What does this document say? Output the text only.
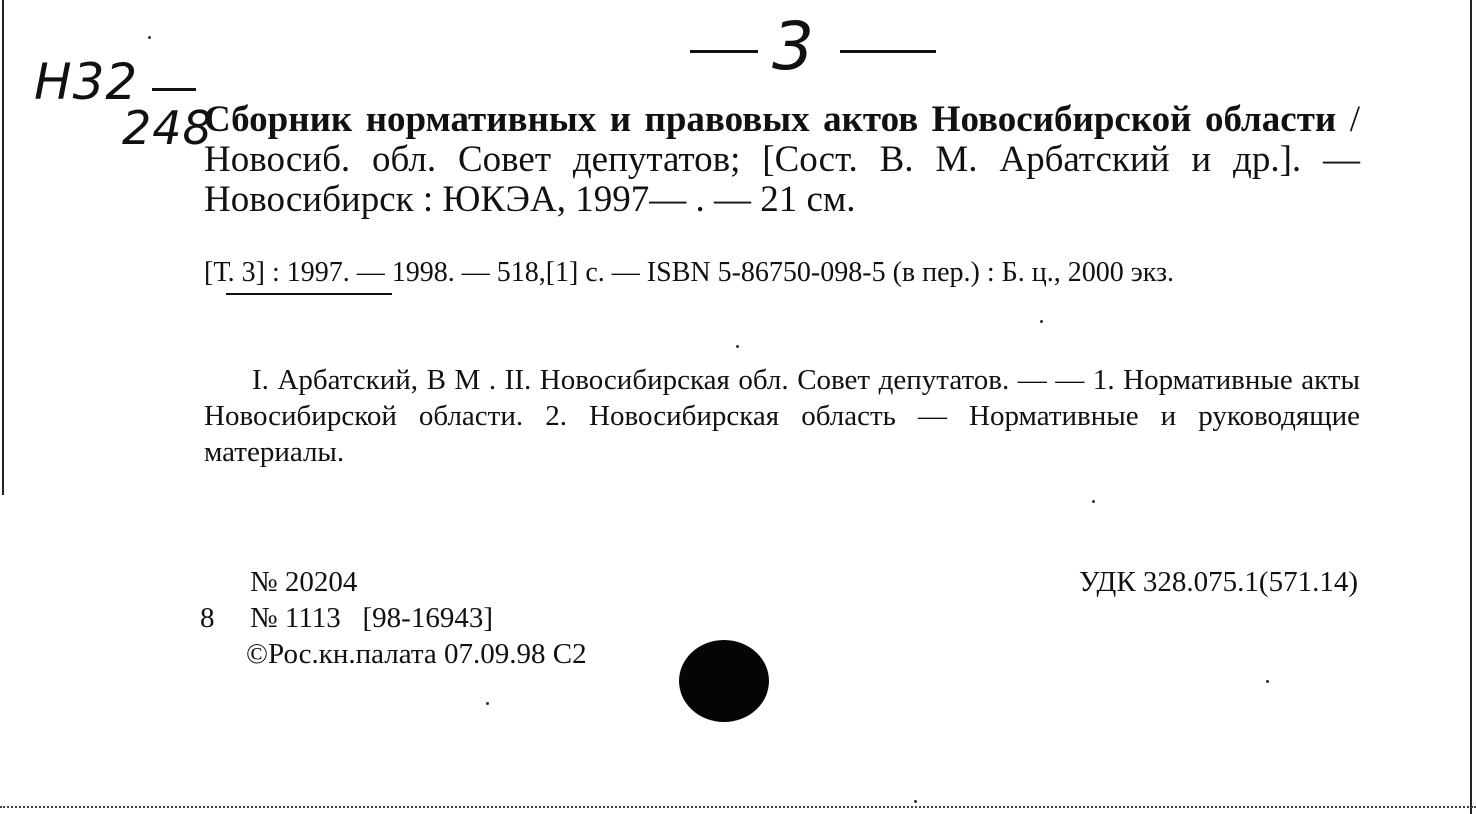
3
Н32
248

Сборник нормативных и правовых актов Новосибирской области / Новосиб. обл. Совет депутатов; [Сост. В. М. Арбатский и др.]. — Новосибирск : ЮКЭА, 1997— . — 21 см.

[Т. 3] : 1997. — 1998. — 518,[1] с. — ISBN 5-86750-098-5 (в пер.) : Б. ц., 2000 экз.

I. Арбатский, В М . II. Новосибирская обл. Совет депутатов. — — 1. Нормативные акты Новосибирской области. 2. Новосибирская область — Нормативные и руководящие материалы.

№ 20204
8 № 1113   [98-16943]
©Рос.кн.палата 07.09.98 С2
УДК 328.075.1(571.14)
